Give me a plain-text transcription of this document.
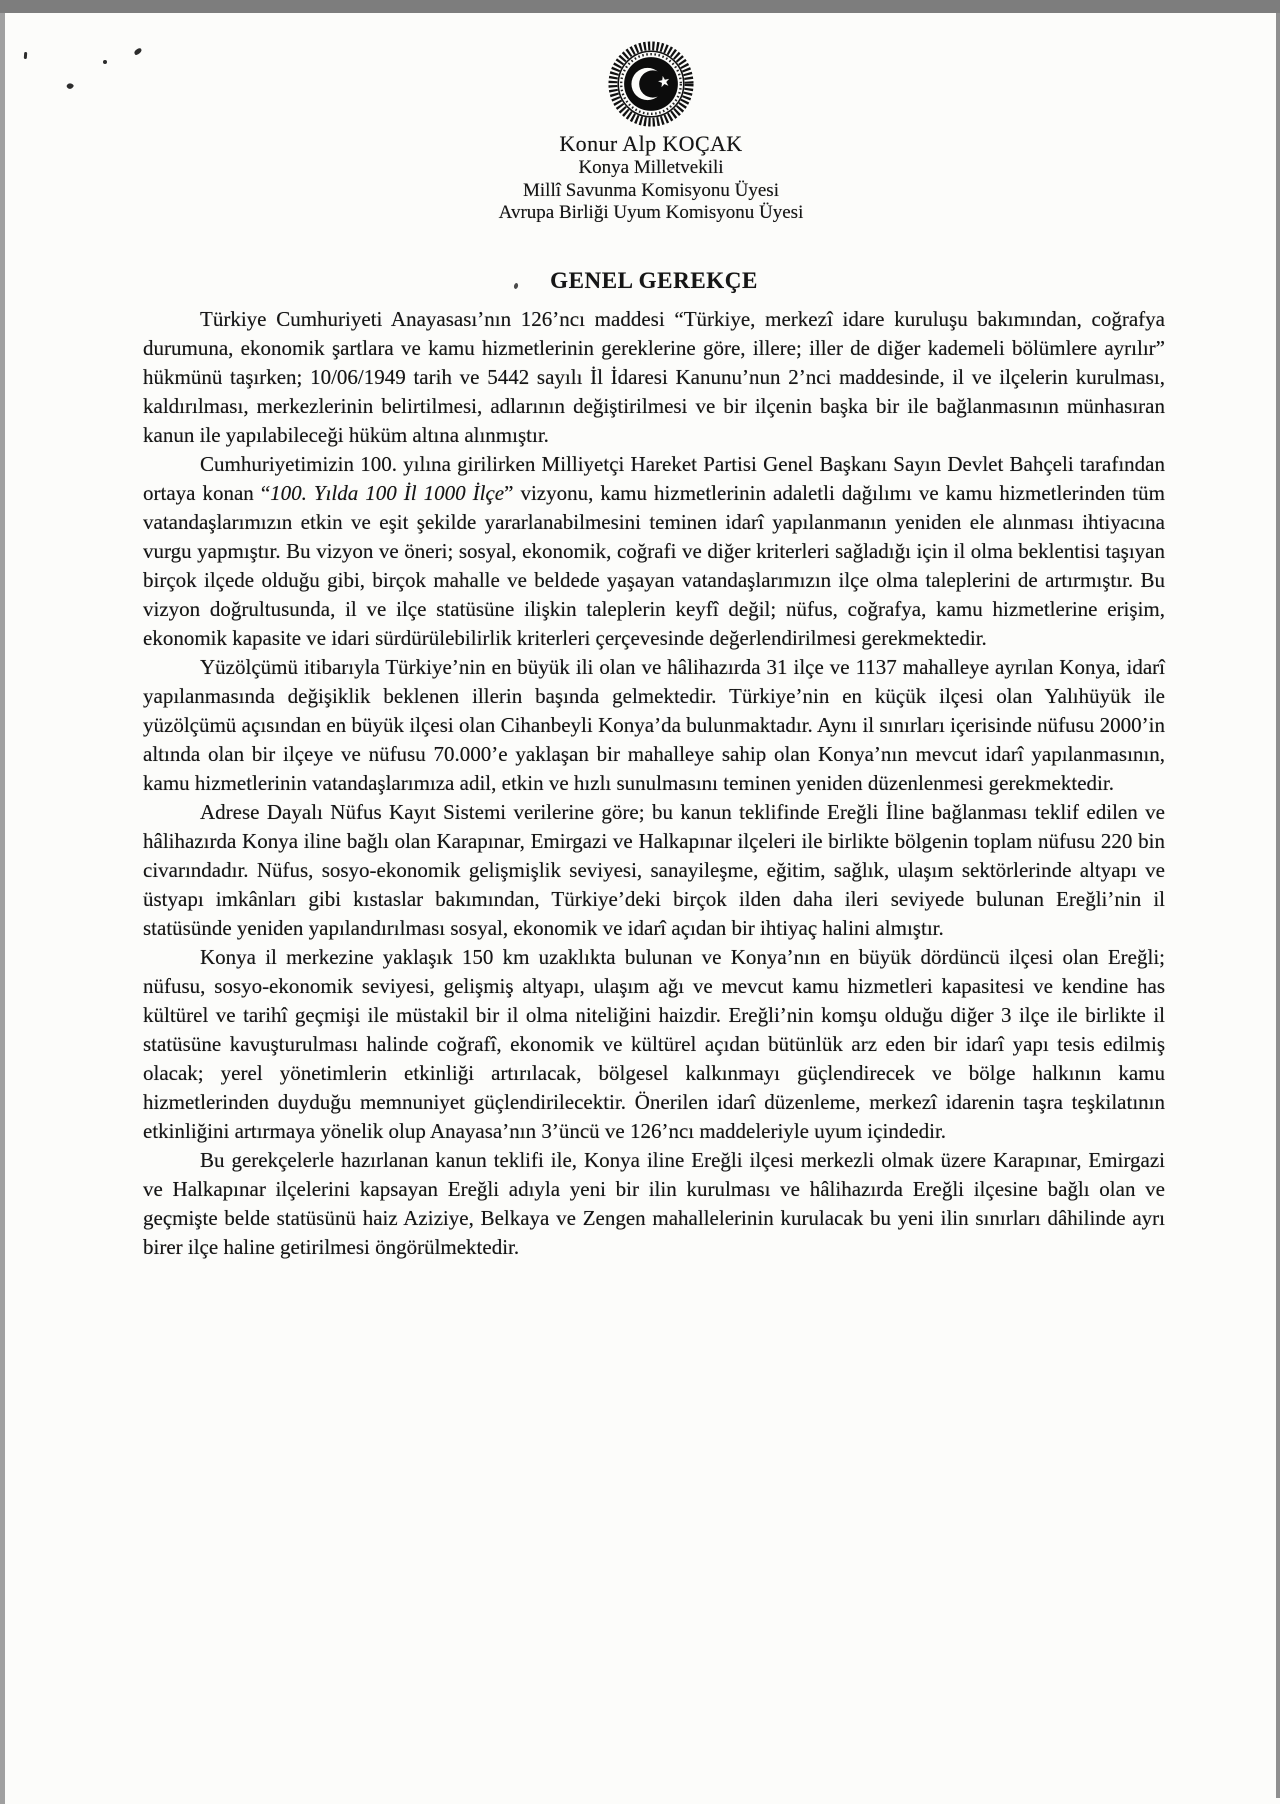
★
Konur Alp KOÇAK
Konya Milletvekili
Millî Savunma Komisyonu Üyesi
Avrupa Birliği Uyum Komisyonu Üyesi
GENEL GEREKÇE

Türkiye Cumhuriyeti Anayasası’nın 126’ncı maddesi “Türkiye, merkezî idare kuruluşu bakımından, coğrafya durumuna, ekonomik şartlara ve kamu hizmetlerinin gereklerine göre, illere; iller de diğer kademeli bölümlere ayrılır” hükmünü taşırken; 10/06/1949 tarih ve 5442 sayılı İl İdaresi Kanunu’nun 2’nci maddesinde, il ve ilçelerin kurulması, kaldırılması, merkezlerinin belirtilmesi, adlarının değiştirilmesi ve bir ilçenin başka bir ile bağlanmasının münhasıran kanun ile yapılabileceği hüküm altına alınmıştır.

Cumhuriyetimizin 100. yılına girilirken Milliyetçi Hareket Partisi Genel Başkanı Sayın Devlet Bahçeli tarafından ortaya konan “100. Yılda 100 İl 1000 İlçe” vizyonu, kamu hizmetlerinin adaletli dağılımı ve kamu hizmetlerinden tüm vatandaşlarımızın etkin ve eşit şekilde yararlanabilmesini teminen idarî yapılanmanın yeniden ele alınması ihtiyacına vurgu yapmıştır. Bu vizyon ve öneri; sosyal, ekonomik, coğrafi ve diğer kriterleri sağladığı için il olma beklentisi taşıyan birçok ilçede olduğu gibi, birçok mahalle ve beldede yaşayan vatandaşlarımızın ilçe olma taleplerini de artırmıştır. Bu vizyon doğrultusunda, il ve ilçe statüsüne ilişkin taleplerin keyfî değil; nüfus, coğrafya, kamu hizmetlerine erişim, ekonomik kapasite ve idari sürdürülebilirlik kriterleri çerçevesinde değerlendirilmesi gerekmektedir.

Yüzölçümü itibarıyla Türkiye’nin en büyük ili olan ve hâlihazırda 31 ilçe ve 1137 mahalleye ayrılan Konya, idarî yapılanmasında değişiklik beklenen illerin başında gelmektedir. Türkiye’nin en küçük ilçesi olan Yalıhüyük ile yüzölçümü açısından en büyük ilçesi olan Cihanbeyli Konya’da bulunmaktadır. Aynı il sınırları içerisinde nüfusu 2000’in altında olan bir ilçeye ve nüfusu 70.000’e yaklaşan bir mahalleye sahip olan Konya’nın mevcut idarî yapılanmasının, kamu hizmetlerinin vatandaşlarımıza adil, etkin ve hızlı sunulmasını teminen yeniden düzenlenmesi gerekmektedir.

Adrese Dayalı Nüfus Kayıt Sistemi verilerine göre; bu kanun teklifinde Ereğli İline bağlanması teklif edilen ve hâlihazırda Konya iline bağlı olan Karapınar, Emirgazi ve Halkapınar ilçeleri ile birlikte bölgenin toplam nüfusu 220 bin civarındadır. Nüfus, sosyo-ekonomik gelişmişlik seviyesi, sanayileşme, eğitim, sağlık, ulaşım sektörlerinde altyapı ve üstyapı imkânları gibi kıstaslar bakımından, Türkiye’deki birçok ilden daha ileri seviyede bulunan Ereğli’nin il statüsünde yeniden yapılandırılması sosyal, ekonomik ve idarî açıdan bir ihtiyaç halini almıştır.

Konya il merkezine yaklaşık 150 km uzaklıkta bulunan ve Konya’nın en büyük dördüncü ilçesi olan Ereğli; nüfusu, sosyo-ekonomik seviyesi, gelişmiş altyapı, ulaşım ağı ve mevcut kamu hizmetleri kapasitesi ve kendine has kültürel ve tarihî geçmişi ile müstakil bir il olma niteliğini haizdir. Ereğli’nin komşu olduğu diğer 3 ilçe ile birlikte il statüsüne kavuşturulması halinde coğrafî, ekonomik ve kültürel açıdan bütünlük arz eden bir idarî yapı tesis edilmiş olacak; yerel yönetimlerin etkinliği artırılacak, bölgesel kalkınmayı güçlendirecek ve bölge halkının kamu hizmetlerinden duyduğu memnuniyet güçlendirilecektir. Önerilen idarî düzenleme, merkezî idarenin taşra teşkilatının etkinliğini artırmaya yönelik olup Anayasa’nın 3’üncü ve 126’ncı maddeleriyle uyum içindedir.

Bu gerekçelerle hazırlanan kanun teklifi ile, Konya iline Ereğli ilçesi merkezli olmak üzere Karapınar, Emirgazi ve Halkapınar ilçelerini kapsayan Ereğli adıyla yeni bir ilin kurulması ve hâlihazırda Ereğli ilçesine bağlı olan ve geçmişte belde statüsünü haiz Aziziye, Belkaya ve Zengen mahallelerinin kurulacak bu yeni ilin sınırları dâhilinde ayrı birer ilçe haline getirilmesi öngörülmektedir.
